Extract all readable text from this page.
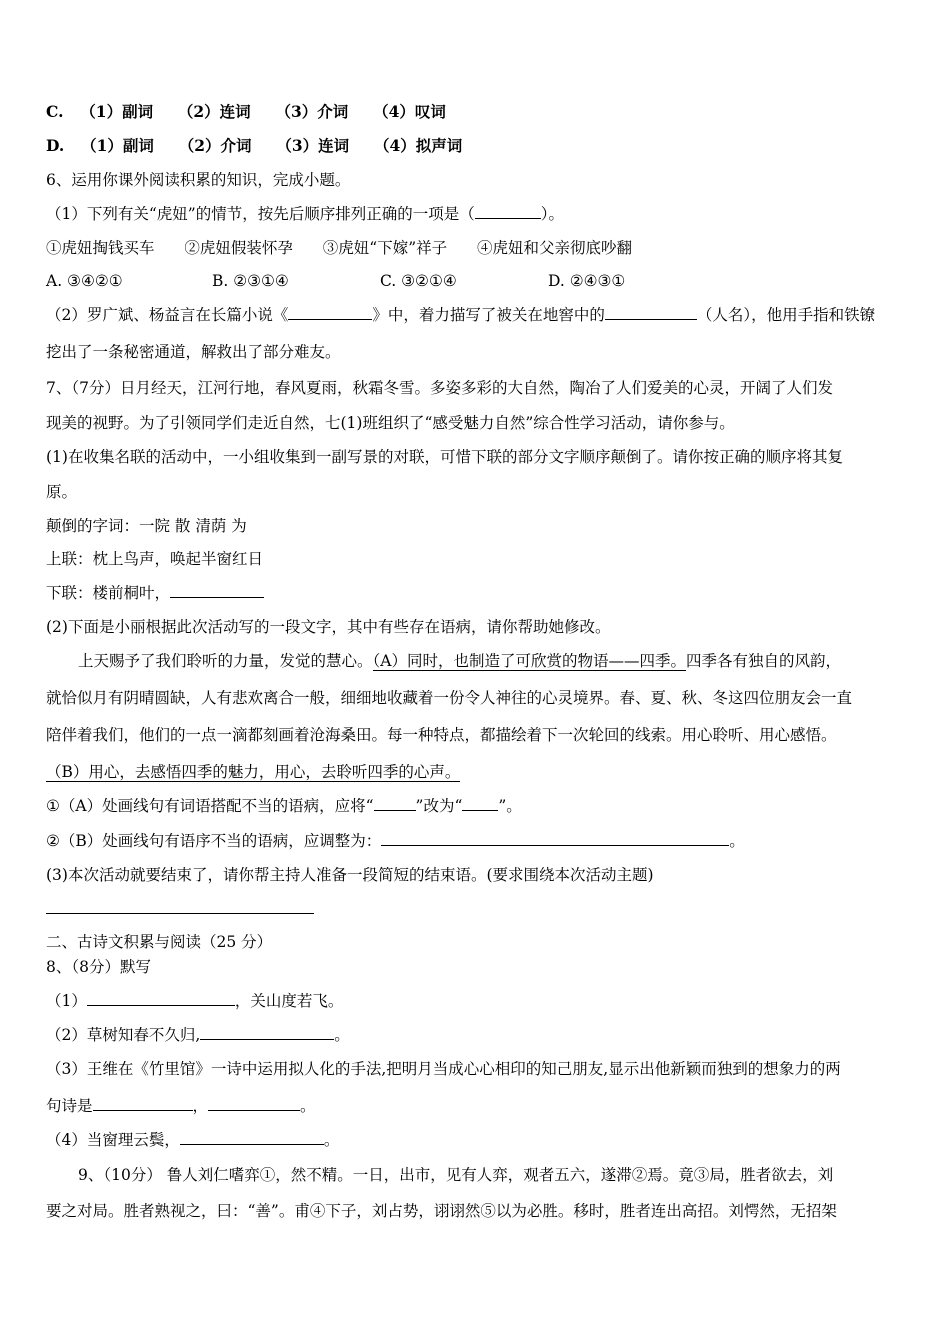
C. （1）副词 （2）连词 （3）介词 （4）叹词
D. （1）副词 （2）介词 （3）连词 （4）拟声词
6、运用你课外阅读积累的知识，完成小题。
（1）下列有关“虎妞”的情节，按先后顺序排列正确的一项是（	）。
①虎妞掏钱买车 ②虎妞假装怀孕 ③虎妞“下嫁”祥子 ④虎妞和父亲彻底吵翻
A. ③④②①	B. ②③①④	C. ③②①④	D. ②④③①
（2）罗广斌、杨益言在长篇小说《	》中，着力描写了被关在地窖中的	（人名），他用手指和铁镣
挖出了一条秘密通道，解救出了部分难友。
7、（7分）日月经天，江河行地，春风夏雨，秋霜冬雪。多姿多彩的大自然，陶冶了人们爱美的心灵，开阔了人们发
现美的视野。为了引领同学们走近自然，七(1)班组织了“感受魅力自然”综合性学习活动，请你参与。
(1)在收集名联的活动中，一小组收集到一副写景的对联，可惜下联的部分文字顺序颠倒了。请你按正确的顺序将其复
原。
颠倒的字词：一院 散 清荫 为
上联：枕上鸟声，唤起半窗红日
下联：楼前桐叶，
(2)下面是小丽根据此次活动写的一段文字，其中有些存在语病，请你帮助她修改。
上天赐予了我们聆听的力量，发觉的慧心。（A）同时，也制造了可欣赏的物语——四季。四季各有独自的风韵，
就恰似月有阴晴圆缺，人有悲欢离合一般，细细地收藏着一份令人神往的心灵境界。春、夏、秋、冬这四位朋友会一直
陪伴着我们，他们的一点一滴都刻画着沧海桑田。每一种特点，都描绘着下一次轮回的线索。用心聆听、用心感悟。
（B）用心，去感悟四季的魅力，用心，去聆听四季的心声。
①（A）处画线句有词语搭配不当的语病，应将“	”改为“ ”。
②（B）处画线句有语序不当的语病，应调整为：	。
(3)本次活动就要结束了，请你帮主持人准备一段简短的结束语。(要求围绕本次活动主题)
二、古诗文积累与阅读（25 分）
8、（8分）默写
（1）	，关山度若飞。
（2）草树知春不久归,	。
（3）王维在《竹里馆》一诗中运用拟人化的手法,把明月当成心心相印的知己朋友,显示出他新颖而独到的想象力的两
句诗是	，	。
（4）当窗理云鬓，	。
9、（10分） 鲁人刘仁嗜弈①，然不精。一日，出市，见有人弈，观者五六，遂滞②焉。竟③局，胜者欲去，刘
要之对局。胜者熟视之，曰：“善”。甫④下子，刘占势，诩诩然⑤以为必胜。移时，胜者连出高招。刘愕然，无招架
